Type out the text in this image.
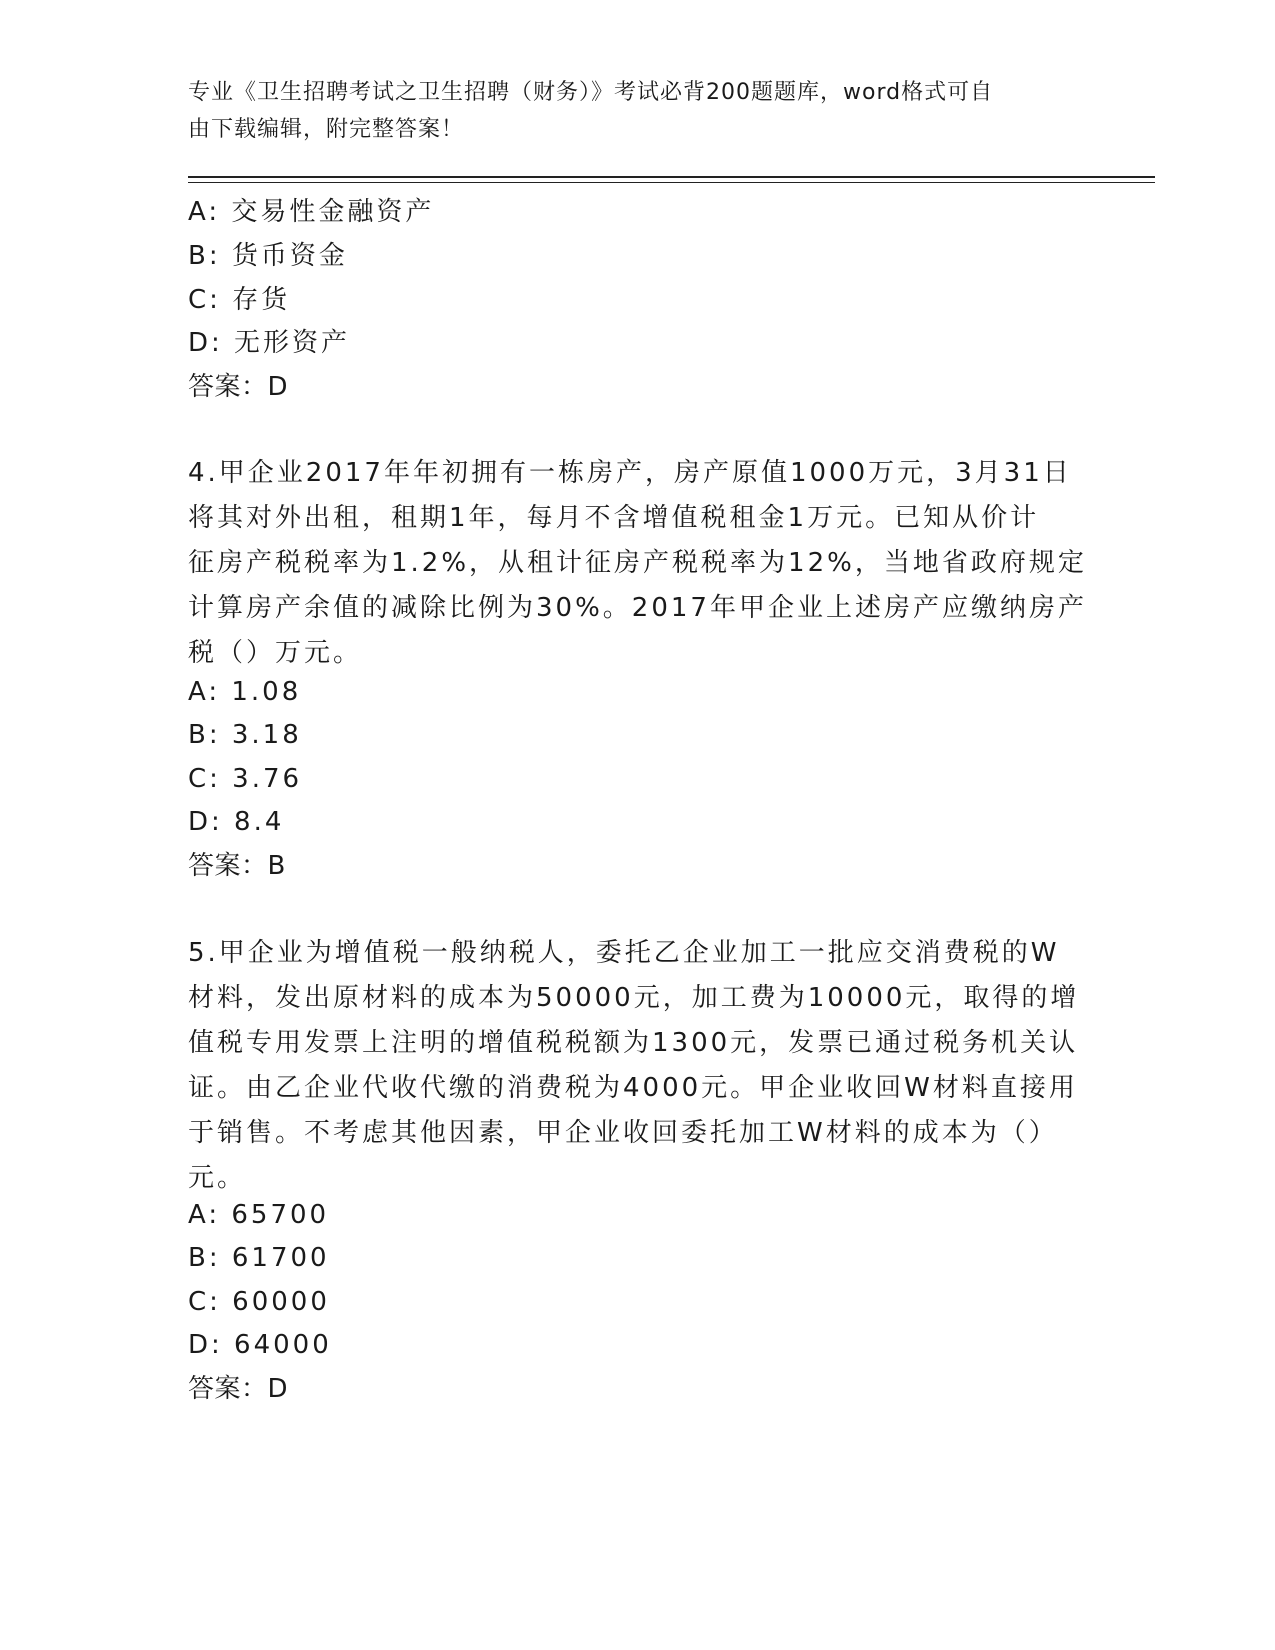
专业《卫生招聘考试之卫生招聘（财务）》考试必背200题题库，word格式可自
由下载编辑，附完整答案！
A: 交易性金融资产
B: 货币资金
C: 存货
D: 无形资产
答案：D
4.甲企业2017年年初拥有一栋房产，房产原值1000万元，3月31日
将其对外出租，租期1年，每月不含增值税租金1万元。已知从价计
征房产税税率为1.2%，从租计征房产税税率为12%，当地省政府规定
计算房产余值的减除比例为30%。2017年甲企业上述房产应缴纳房产
税（）万元。
A: 1.08
B: 3.18
C: 3.76
D: 8.4
答案：B
5.甲企业为增值税一般纳税人，委托乙企业加工一批应交消费税的W
材料，发出原材料的成本为50000元，加工费为10000元，取得的增
值税专用发票上注明的增值税税额为1300元，发票已通过税务机关认
证。由乙企业代收代缴的消费税为4000元。甲企业收回W材料直接用
于销售。不考虑其他因素，甲企业收回委托加工W材料的成本为（）
元。
A: 65700
B: 61700
C: 60000
D: 64000
答案：D
